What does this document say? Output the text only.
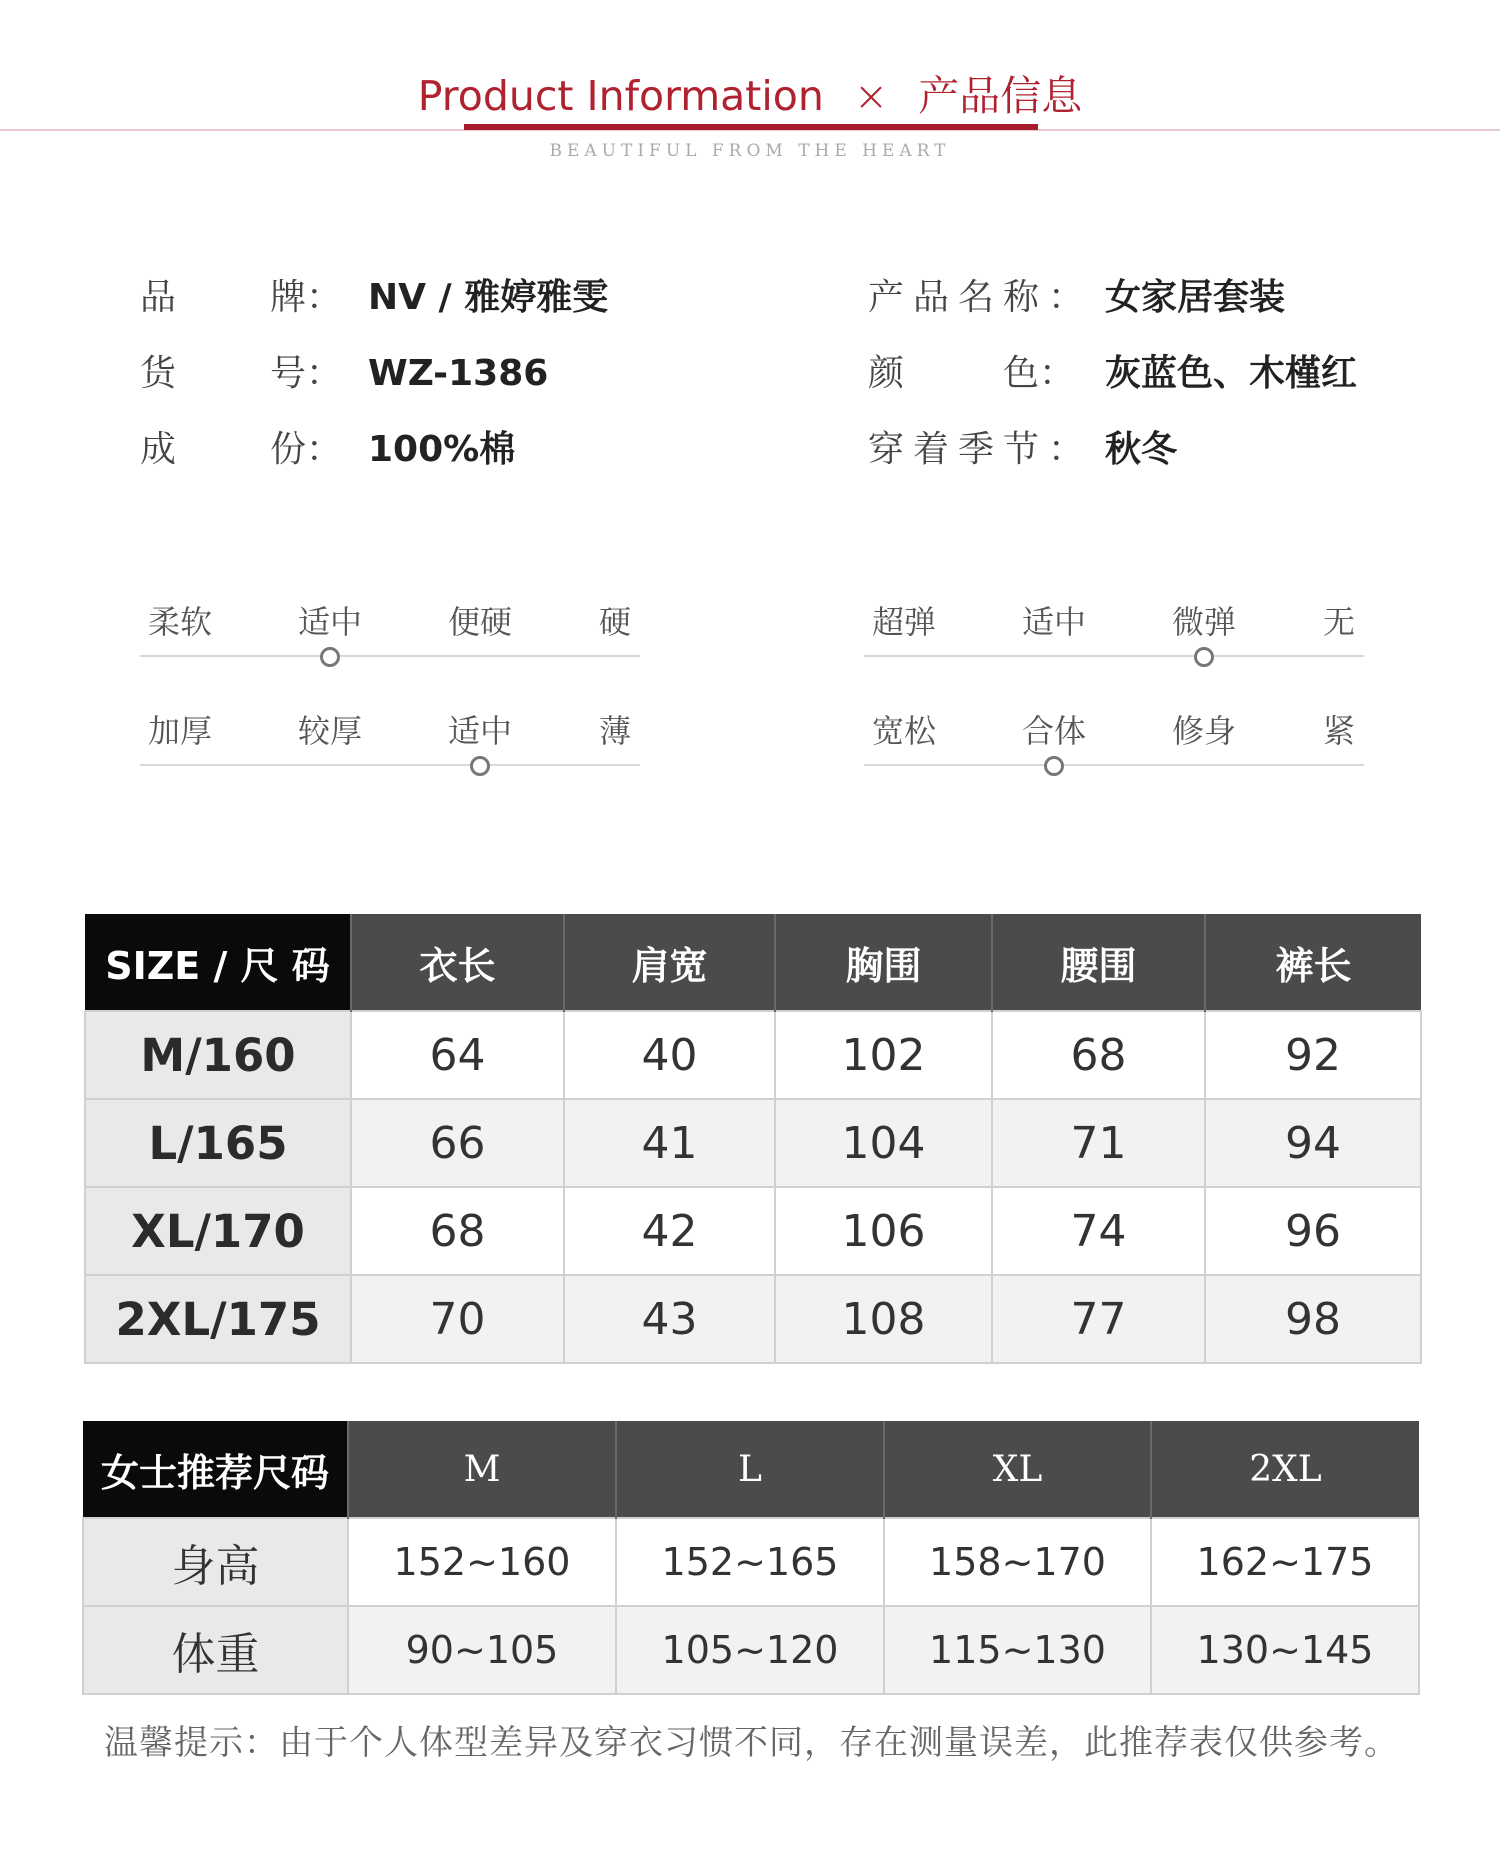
Product Information × 产品信息
BEAUTIFUL FROM THE HEART
品	牌： NV / 雅婷雅雯
货	号： WZ-1386
成	份： 100%棉
产品名称： 女家居套装
颜	色： 灰蓝色、木槿红
穿着季节： 秋冬
柔软	适中	便硬	硬	超弹	适中	微弹	无
加厚	较厚	适中	薄	宽松	合体	修身	紧
SIZE / 尺 码	衣长	肩宽	胸围	腰围	裤长
M/160	64	40	102	68	92
L/165	66	41	104	71	94
XL/170	68	42	106	74	96
2XL/175	70	43	108	77	98
女士推荐尺码	M	L	XL	2XL
身高	152~160	152~165	158~170	162~175
体重	90~105	105~120	115~130	130~145
温馨提示：由于个人体型差异及穿衣习惯不同，存在测量误差，此推荐表仅供参考。
